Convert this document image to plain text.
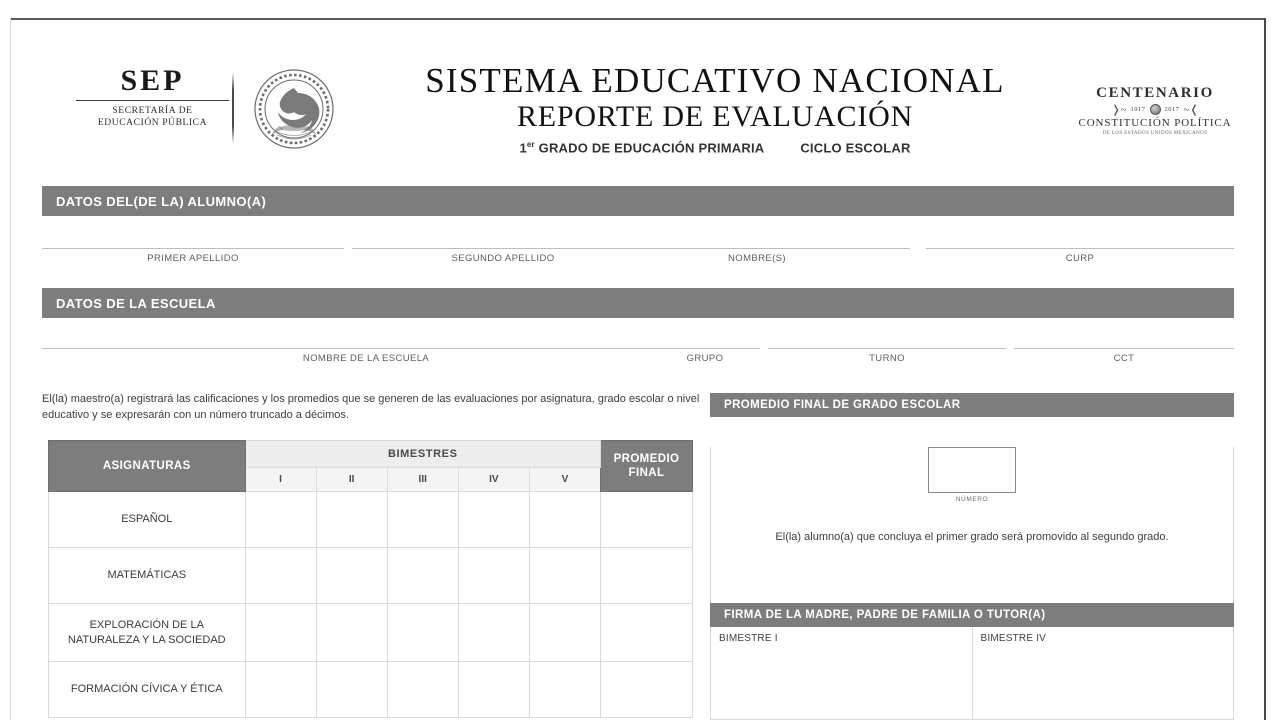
SEP
SECRETARÍA DE
EDUCACIÓN PÚBLICA
SISTEMA EDUCATIVO NACIONAL
REPORTE DE EVALUACIÓN
1er GRADO DE EDUCACIÓN PRIMARIA	CICLO ESCOLAR
CENTENARIO
❭~ 1917	2017 ~❬
CONSTITUCIÓN POLÍTICA
DE LOS ESTADOS UNIDOS MEXICANOS
DATOS DEL(DE LA) ALUMNO(A)
PRIMER APELLIDO	SEGUNDO APELLIDO	NOMBRE(S)	CURP
DATOS DE LA ESCUELA
NOMBRE DE LA ESCUELA	GRUPO	TURNO	CCT
El(la) maestro(a) registrará las calificaciones y los promedios que se generen de las evaluaciones por asignatura, grado escolar o nivel educativo y se expresarán con un número truncado a décimos.
ASIGNATURAS	BIMESTRES					PROMEDIO
FINAL
	I	II	III	IV	V	
ESPAÑOL						
MATEMÁTICAS						
EXPLORACIÓN DE LA NATURALEZA Y LA SOCIEDAD						
FORMACIÓN CÍVICA Y ÉTICA						
PROMEDIO FINAL DE GRADO ESCOLAR
NÚMERO
El(la) alumno(a) que concluya el primer grado será promovido al segundo grado.
FIRMA DE LA MADRE, PADRE DE FAMILIA O TUTOR(A)
BIMESTRE I	BIMESTRE IV
